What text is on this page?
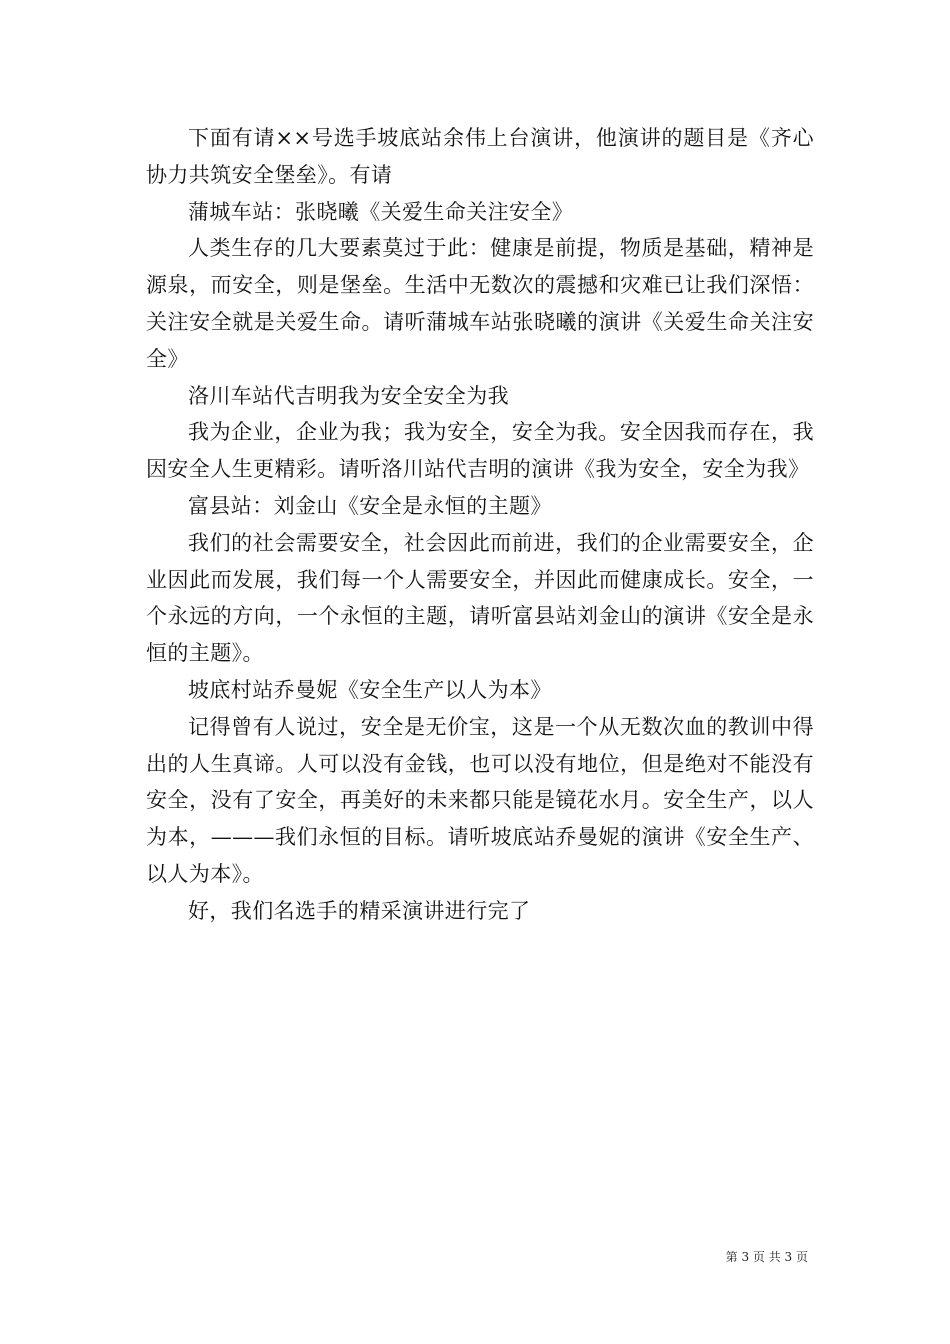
下面有请××号选手坡底站余伟上台演讲，他演讲的题目是《齐心协力共筑安全堡垒》。有请

蒲城车站：张晓曦《关爱生命关注安全》

人类生存的几大要素莫过于此：健康是前提，物质是基础，精神是源泉，而安全，则是堡垒。生活中无数次的震撼和灾难已让我们深悟：关注安全就是关爱生命。请听蒲城车站张晓曦的演讲《关爱生命关注安全》

洛川车站代吉明我为安全安全为我

我为企业，企业为我；我为安全，安全为我。安全因我而存在，我因安全人生更精彩。请听洛川站代吉明的演讲《我为安全，安全为我》

富县站：刘金山《安全是永恒的主题》

我们的社会需要安全，社会因此而前进，我们的企业需要安全，企业因此而发展，我们每一个人需要安全，并因此而健康成长。安全，一个永远的方向，一个永恒的主题，请听富县站刘金山的演讲《安全是永恒的主题》。

坡底村站乔曼妮《安全生产以人为本》

记得曾有人说过，安全是无价宝，这是一个从无数次血的教训中得出的人生真谛。人可以没有金钱，也可以没有地位，但是绝对不能没有安全，没有了安全，再美好的未来都只能是镜花水月。安全生产，以人为本，———我们永恒的目标。请听坡底站乔曼妮的演讲《安全生产、以人为本》。

好，我们名选手的精采演讲进行完了

第 3 页 共 3 页
